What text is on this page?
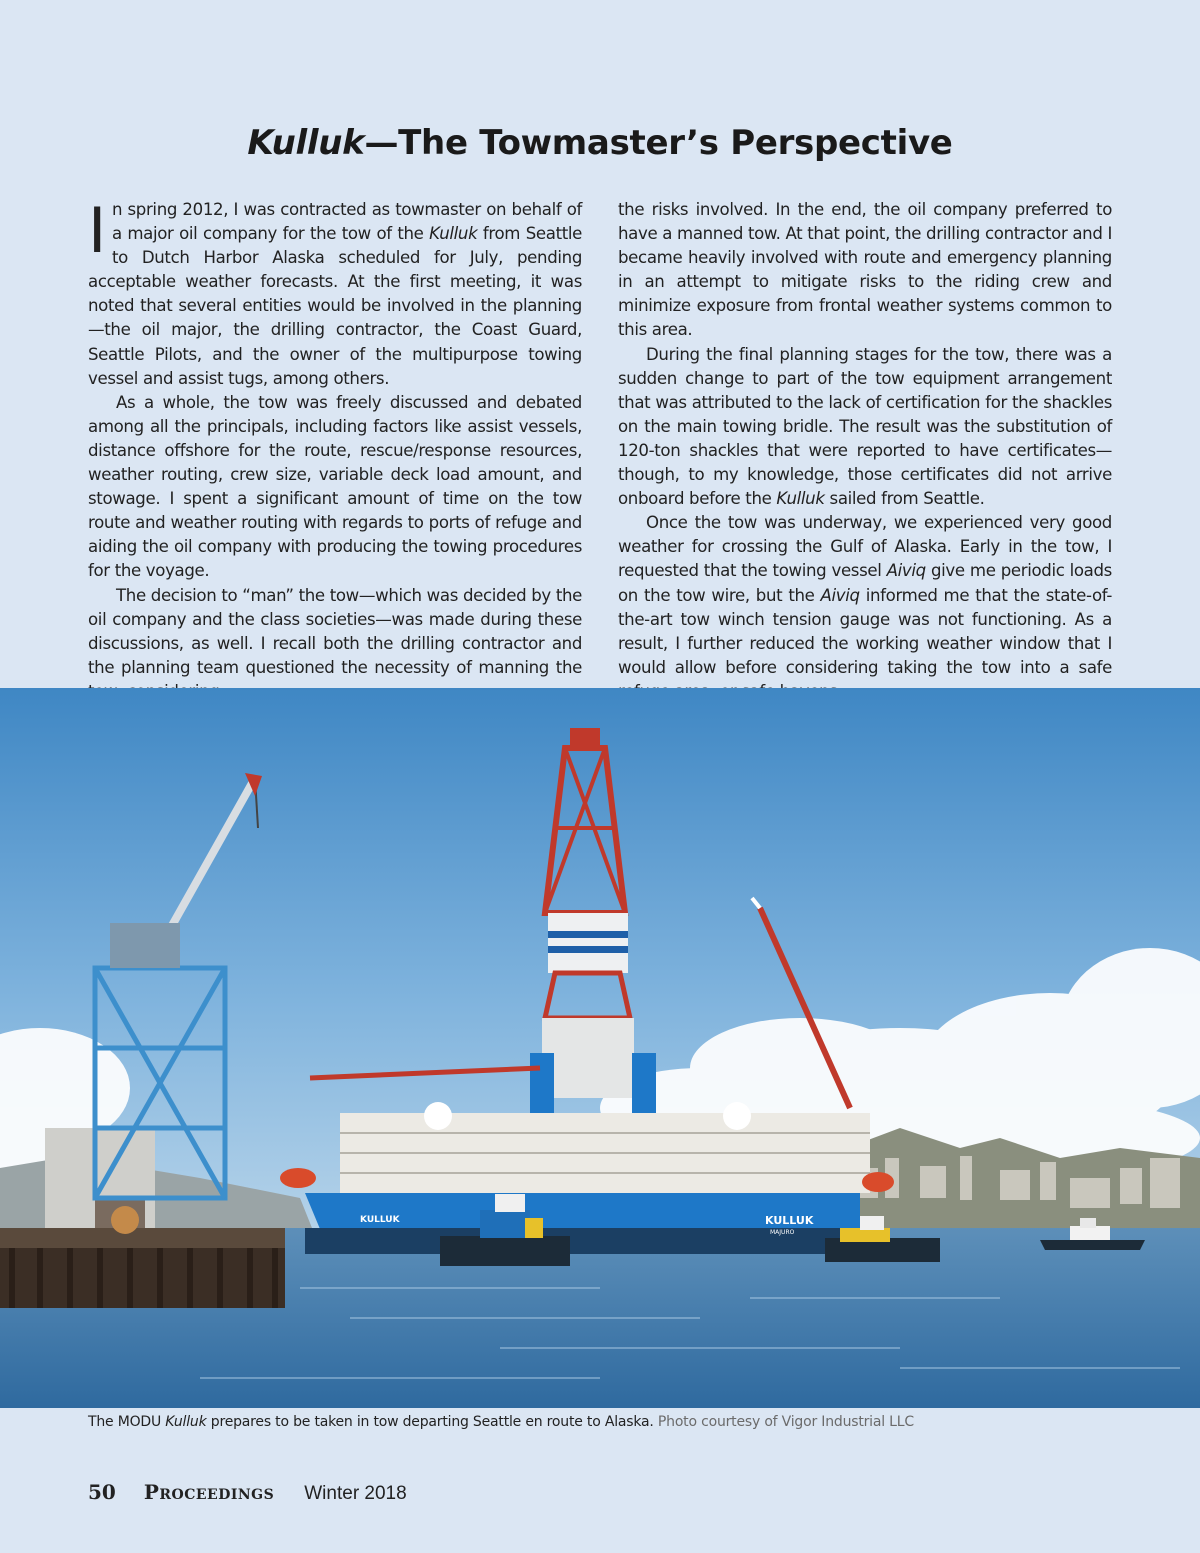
Kulluk—The Towmaster’s Perspective

In spring 2012, I was contracted as towmaster on behalf of a major oil company for the tow of the Kulluk from Seattle to Dutch Harbor Alaska scheduled for July, pending acceptable weather forecasts. At the first meeting, it was noted that several entities would be involved in the planning—the oil major, the drilling contractor, the Coast Guard, Seattle Pilots, and the owner of the multipurpose towing vessel and assist tugs, among others.

As a whole, the tow was freely discussed and debated among all the principals, including factors like assist vessels, distance offshore for the route, rescue/response resources, weather routing, crew size, variable deck load amount, and stowage. I spent a significant amount of time on the tow route and weather routing with regards to ports of refuge and aiding the oil company with producing the towing procedures for the voyage.

The decision to “man” the tow—which was decided by the oil company and the class societies—was made during these discussions, as well. I recall both the drilling contractor and the planning team questioned the necessity of manning the

the risks involved. In the end, the oil company preferred to have a manned tow. At that point, the drilling contractor and I became heavily involved with route and emergency planning in an attempt to mitigate risks to the riding crew and minimize exposure from frontal weather systems common to this area.

During the final planning stages for the tow, there was a sudden change to part of the tow equipment arrangement that was attributed to the lack of certification for the shackles on the main towing bridle. The result was the substitution of 120-ton shackles that were reported to have certificates—though, to my knowledge, those certificates did not arrive onboard before the Kulluk sailed from Seattle.

Once the tow was underway, we experienced very good weather for crossing the Gulf of Alaska. Early in the tow, I requested that the towing vessel Aiviq give me periodic loads on the tow wire, but the Aiviq informed me that the state-of-the-art tow winch tension gauge was not functioning. As a result, I further reduced the working weather window that I would allow before considering taking the tow into a safe

KULLUK	KULLUK
MAJURO
The MODU Kulluk prepares to be taken in tow departing Seattle en route to Alaska. Photo courtesy of Vigor Industrial LLC
50 Proceedings Winter 2018
